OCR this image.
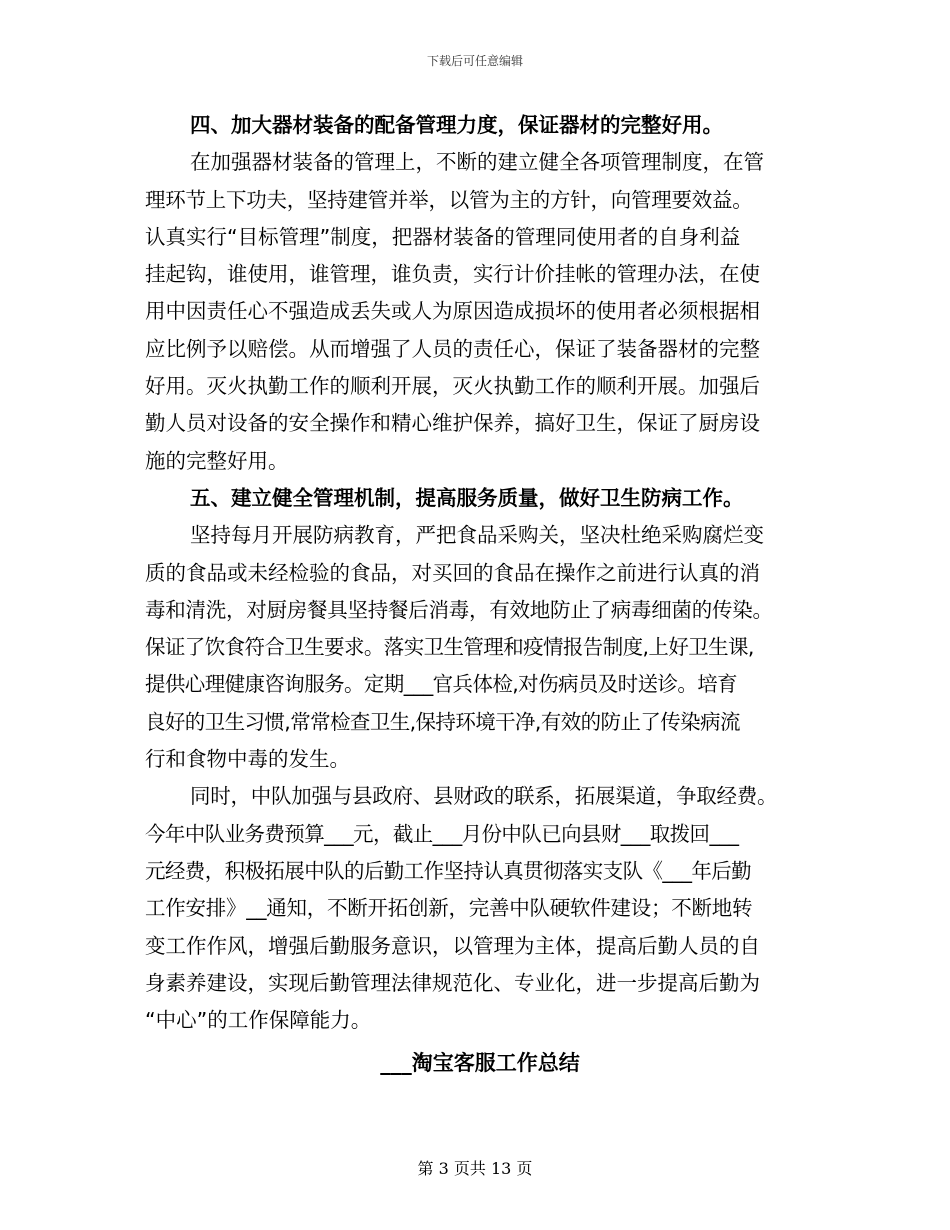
下载后可任意编辑
四、加大器材装备的配备管理力度，保证器材的完整好用。
在加强器材装备的管理上，不断的建立健全各项管理制度，在管
理环节上下功夫，坚持建管并举，以管为主的方针，向管理要效益。
认真实行“目标管理”制度，把器材装备的管理同使用者的自身利益
挂起钩，谁使用，谁管理，谁负责，实行计价挂帐的管理办法，在使
用中因责任心不强造成丢失或人为原因造成损坏的使用者必须根据相
应比例予以赔偿。从而增强了人员的责任心，保证了装备器材的完整
好用。灭火执勤工作的顺利开展，灭火执勤工作的顺利开展。加强后
勤人员对设备的安全操作和精心维护保养，搞好卫生，保证了厨房设
施的完整好用。
五、建立健全管理机制，提高服务质量，做好卫生防病工作。
坚持每月开展防病教育，严把食品采购关，坚决杜绝采购腐烂变
质的食品或未经检验的食品，对买回的食品在操作之前进行认真的消
毒和清洗，对厨房餐具坚持餐后消毒，有效地防止了病毒细菌的传染。
保证了饮食符合卫生要求。落实卫生管理和疫情报告制度,上好卫生课,
提供心理健康咨询服务。定期___官兵体检,对伤病员及时送诊。培育
良好的卫生习惯,常常检查卫生,保持环境干净,有效的防止了传染病流
行和食物中毒的发生。
同时，中队加强与县政府、县财政的联系，拓展渠道，争取经费。
今年中队业务费预算___元，截止___月份中队已向县财___取拨回___
元经费，积极拓展中队的后勤工作坚持认真贯彻落实支队《___年后勤
工作安排》__通知，不断开拓创新，完善中队硬软件建设；不断地转
变工作作风，增强后勤服务意识，以管理为主体，提高后勤人员的自
身素养建设，实现后勤管理法律规范化、专业化，进一步提高后勤为
“中心”的工作保障能力。
___淘宝客服工作总结
第 3 页共 13 页
